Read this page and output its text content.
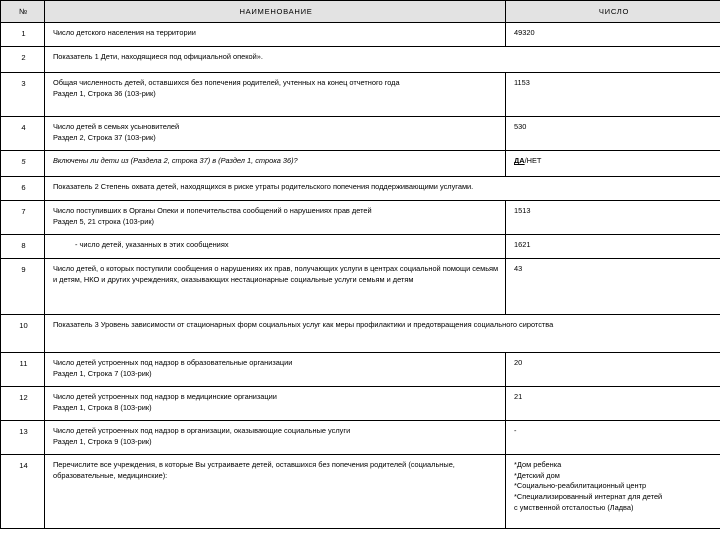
№	НАИМЕНОВАНИЕ	ЧИСЛО
1	Число детского населения на территории	49320
2	Показатель 1 Дети, находящиеся под официальной опекой».	

3	Общая численность детей, оставшихся без попечения родителей, учтенных на конец отчетного года
Раздел 1, Строка 36 (103-рик)	1153
4	Число детей в семьях усыновителей
Раздел 2, Строка 37 (103-рик)	530
5	Включены ли дети из (Раздела 2, строка 37) в (Раздел 1, строка 36)?	ДА/НЕТ
6	Показатель 2 Степень охвата детей, находящихся в риске утраты родительского попечения поддерживающими услугами.	

7	Число поступивших в Органы Опеки и попечительства сообщений о нарушениях прав детей
Раздел 5, 21 строка (103-рик)	1513
8	- число детей, указанных в этих сообщениях	1621
9	Число детей, о которых поступили сообщения о нарушениях их прав, получающих услуги в центрах социальной помощи семьям и детям, НКО и других учреждениях, оказывающих нестационарные социальные услуги семьям и детям	43
10	Показатель 3 Уровень зависимости от стационарных форм социальных услуг как меры профилактики и предотвращения социального сиротства	

11	Число детей устроенных под надзор в образовательные организации
Раздел 1, Строка 7 (103-рик)	20
12	Число детей устроенных под надзор в медицинские организации
Раздел 1, Строка 8 (103-рик)	21
13	Число детей устроенных под надзор в организации, оказывающие социальные услуги
Раздел 1, Строка 9 (103-рик)	-
14	Перечислите все учреждения, в которые Вы устраиваете детей, оставшихся без попечения родителей (социальные, образовательные, медицинские):	*Дом ребенка
*Детский дом
*Социально-реабилитационный центр
*Специализированный интернат для детей
с умственной отсталостью (Ладва)
